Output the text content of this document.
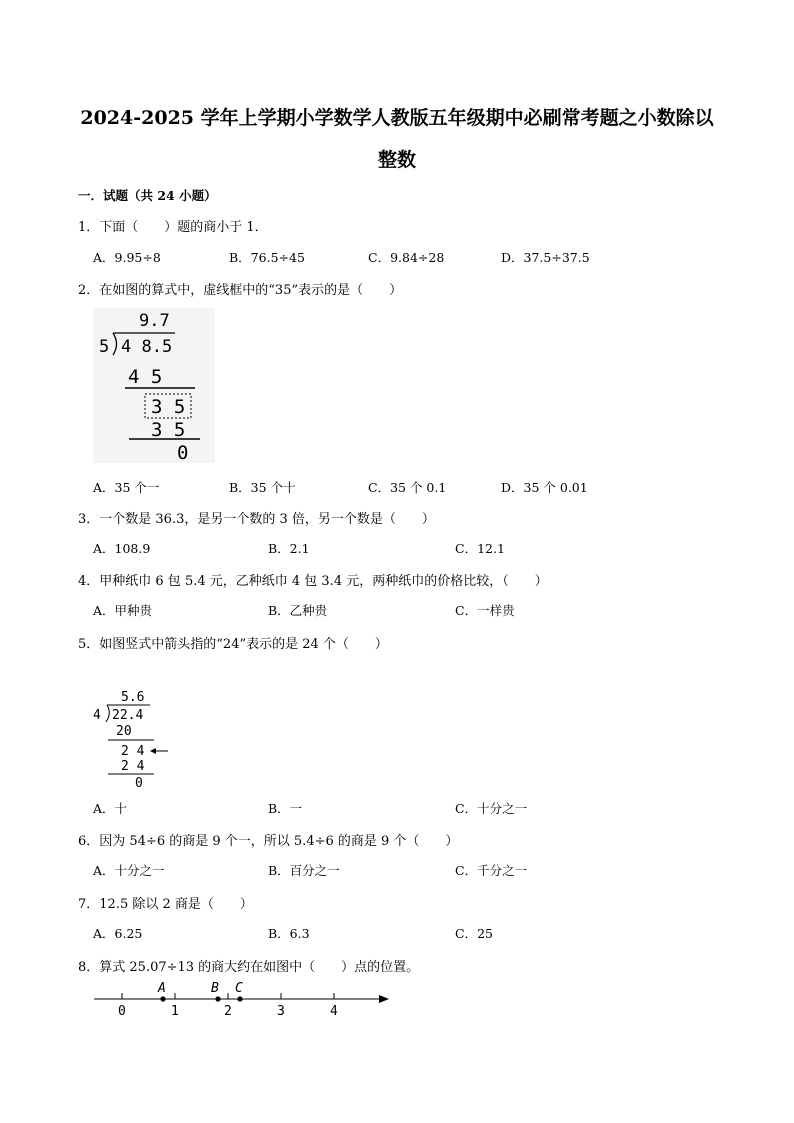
2024-2025 学年上学期小学数学人教版五年级期中必刷常考题之小数除以
整数
一．试题（共 24 小题）
1．下面（　　）题的商小于 1．
A．9.95÷8	B．76.5÷45	C．9.84÷28	D．37.5÷37.5
2．在如图的算式中，虚线框中的“35”表示的是（　　）
9.7
5 4 8.5
4 5
3 5
3 5
0
A．35 个一	B．35 个十	C．35 个 0.1	D．35 个 0.01
3．一个数是 36.3，是另一个数的 3 倍，另一个数是（　　）
A．108.9	B．2.1	C．12.1
4．甲种纸巾 6 包 5.4 元，乙种纸巾 4 包 3.4 元，两种纸巾的价格比较，（　　）
A．甲种贵	B．乙种贵	C．一样贵
5．如图竖式中箭头指的“24”表示的是 24 个（　　）
5.6
4 22.4
20
2 4
2 4
0
A．十	B．一	C．十分之一
6．因为 54÷6 的商是 9 个一，所以 5.4÷6 的商是 9 个（　　）
A．十分之一	B．百分之一	C．千分之一
7．12.5 除以 2 商是（　　）
A．6.25	B．6.3	C．25
8．算式 25.07÷13 的商大约在如图中（　　）点的位置。
0	1	2	3	4
A	B C
